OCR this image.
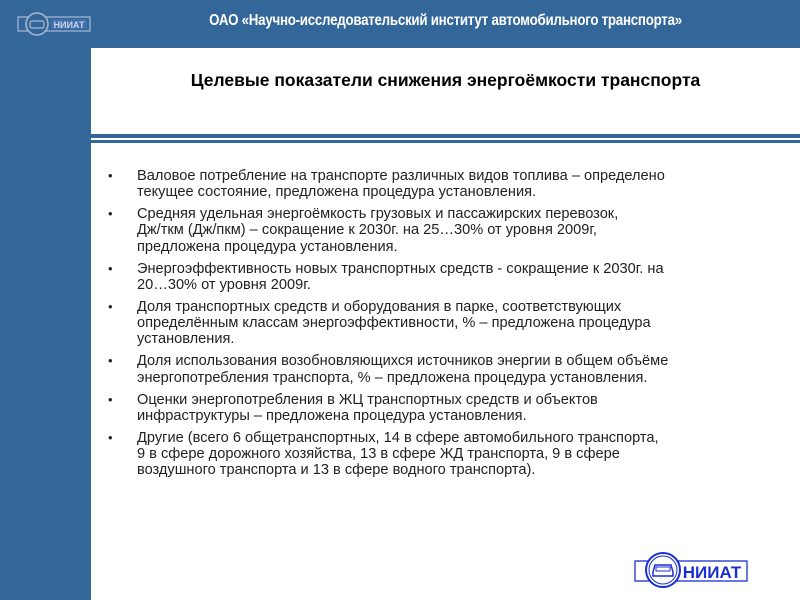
НИИАТ	ОАО «Научно-исследовательский институт автомобильного транспорта»
Целевые показатели снижения энергоёмкости транспорта
• Валовое потребление на транспорте различных видов топлива – определено
текущее состояние, предложена процедура установления.
• Средняя удельная энергоёмкость грузовых и пассажирских перевозок,
Дж/ткм (Дж/пкм) – сокращение к 2030г. на 25…30% от уровня 2009г,
предложена процедура установления.
• Энергоэффективность новых транспортных средств - сокращение к 2030г. на
20…30% от уровня 2009г.
• Доля транспортных средств и оборудования в парке, соответствующих
определённым классам энергоэффективности, % – предложена процедура
установления.
• Доля использования возобновляющихся источников энергии в общем объёме
энергопотребления транспорта, % – предложена процедура установления.
• Оценки энергопотребления в ЖЦ транспортных средств и объектов
инфраструктуры – предложена процедура установления.
• Другие (всего 6 общетранспортных, 14 в сфере автомобильного транспорта,
9 в сфере дорожного хозяйства, 13 в сфере ЖД транспорта, 9 в сфере
воздушного транспорта и 13 в сфере водного транспорта).
НИИАТ
